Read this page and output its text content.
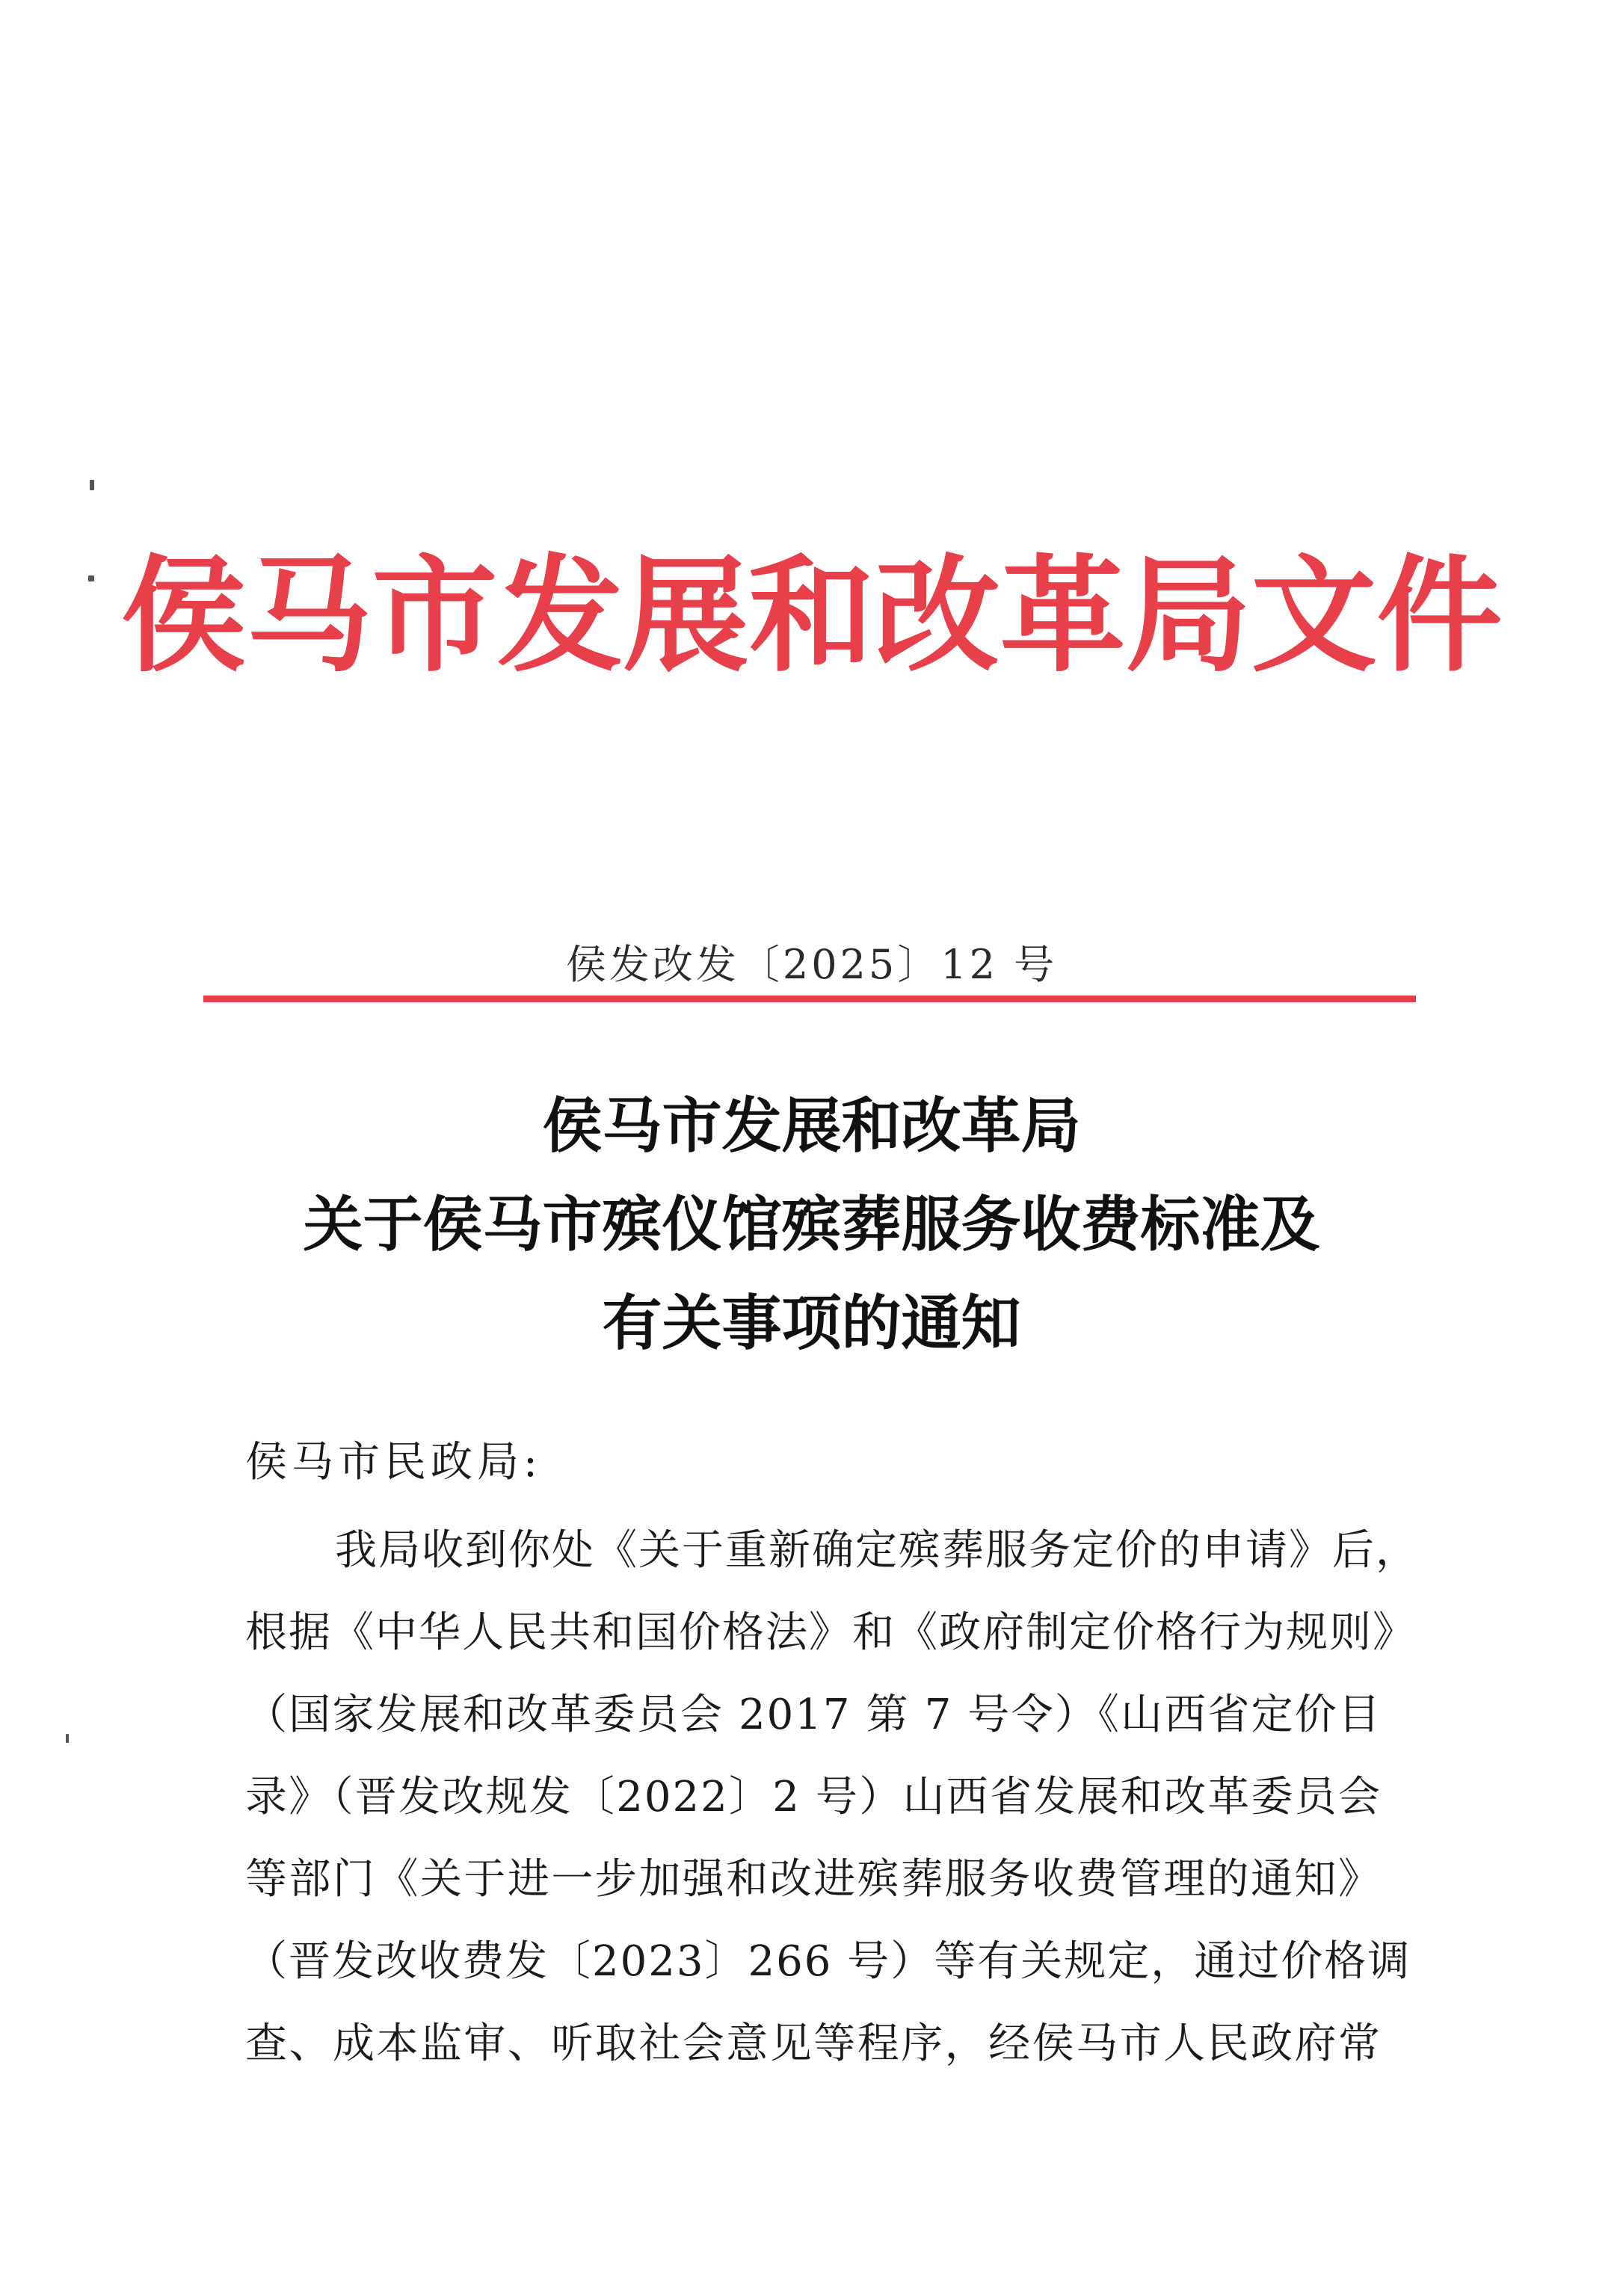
侯马市发展和改革局文件
侯发改发〔2025〕12 号
侯马市发展和改革局
关于侯马市殡仪馆殡葬服务收费标准及
有关事项的通知
侯马市民政局:
我局收到你处《关于重新确定殡葬服务定价的申请》后，
根据《中华人民共和国价格法》和《政府制定价格行为规则》
（国家发展和改革委员会 2017 第 7 号令）《山西省定价目
录》（晋发改规发〔2022〕2 号）山西省发展和改革委员会
等部门《关于进一步加强和改进殡葬服务收费管理的通知》
（晋发改收费发〔2023〕266 号）等有关规定，通过价格调
查、成本监审、听取社会意见等程序，经侯马市人民政府常
